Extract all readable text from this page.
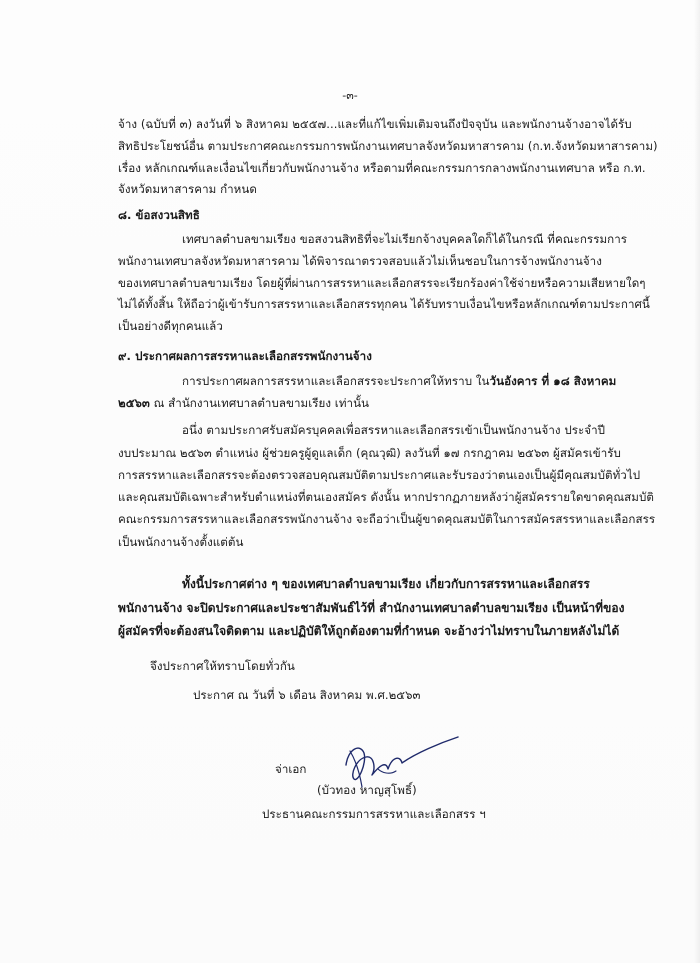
-๓-
จ้าง (ฉบับที่ ๓) ลงวันที่ ๖ สิงหาคม ๒๕๕๗...และที่แก้ไขเพิ่มเติมจนถึงปัจจุบัน และพนักงานจ้างอาจได้รับ
สิทธิประโยชน์อื่น ตามประกาศคณะกรรมการพนักงานเทศบาลจังหวัดมหาสารคาม (ก.ท.จังหวัดมหาสารคาม)
เรื่อง หลักเกณฑ์และเงื่อนไขเกี่ยวกับพนักงานจ้าง หรือตามที่คณะกรรมการกลางพนักงานเทศบาล หรือ ก.ท.
จังหวัดมหาสารคาม กำหนด
๘. ข้อสงวนสิทธิ
เทศบาลตำบลขามเรียง ขอสงวนสิทธิที่จะไม่เรียกจ้างบุคคลใดก็ได้ในกรณี ที่คณะกรรมการ
พนักงานเทศบาลจังหวัดมหาสารคาม ได้พิจารณาตรวจสอบแล้วไม่เห็นชอบในการจ้างพนักงานจ้าง
ของเทศบาลตำบลขามเรียง โดยผู้ที่ผ่านการสรรหาและเลือกสรรจะเรียกร้องค่าใช้จ่ายหรือความเสียหายใดๆ
ไม่ได้ทั้งสิ้น ให้ถือว่าผู้เข้ารับการสรรหาและเลือกสรรทุกคน ได้รับทราบเงื่อนไขหรือหลักเกณฑ์ตามประกาศนี้
เป็นอย่างดีทุกคนแล้ว
๙. ประกาศผลการสรรหาและเลือกสรรพนักงานจ้าง
การประกาศผลการสรรหาและเลือกสรรจะประกาศให้ทราบ ในวันอังคาร ที่ ๑๘ สิงหาคม
๒๕๖๓ ณ สำนักงานเทศบาลตำบลขามเรียง เท่านั้น
อนึ่ง ตามประกาศรับสมัครบุคคลเพื่อสรรหาและเลือกสรรเข้าเป็นพนักงานจ้าง ประจำปี
งบประมาณ ๒๕๖๓ ตำแหน่ง ผู้ช่วยครูผู้ดูแลเด็ก (คุณวุฒิ) ลงวันที่ ๑๗ กรกฎาคม ๒๕๖๓ ผู้สมัครเข้ารับ
การสรรหาและเลือกสรรจะต้องตรวจสอบคุณสมบัติตามประกาศและรับรองว่าตนเองเป็นผู้มีคุณสมบัติทั่วไป
และคุณสมบัติเฉพาะสำหรับตำแหน่งที่ตนเองสมัคร ดังนั้น หากปรากฏภายหลังว่าผู้สมัครรายใดขาดคุณสมบัติ
คณะกรรมการสรรหาและเลือกสรรพนักงานจ้าง จะถือว่าเป็นผู้ขาดคุณสมบัติในการสมัครสรรหาและเลือกสรร
เป็นพนักงานจ้างตั้งแต่ต้น
ทั้งนี้ประกาศต่าง ๆ ของเทศบาลตำบลขามเรียง เกี่ยวกับการสรรหาและเลือกสรร
พนักงานจ้าง จะปิดประกาศและประชาสัมพันธ์ไว้ที่ สำนักงานเทศบาลตำบลขามเรียง เป็นหน้าที่ของ
ผู้สมัครที่จะต้องสนใจติดตาม และปฏิบัติให้ถูกต้องตามที่กำหนด จะอ้างว่าไม่ทราบในภายหลังไม่ได้
จึงประกาศให้ทราบโดยทั่วกัน
ประกาศ ณ วันที่ ๖ เดือน สิงหาคม พ.ศ.๒๕๖๓
จ่าเอก
(บัวทอง หาญสุโพธิ์)
ประธานคณะกรรมการสรรหาและเลือกสรร ฯ
